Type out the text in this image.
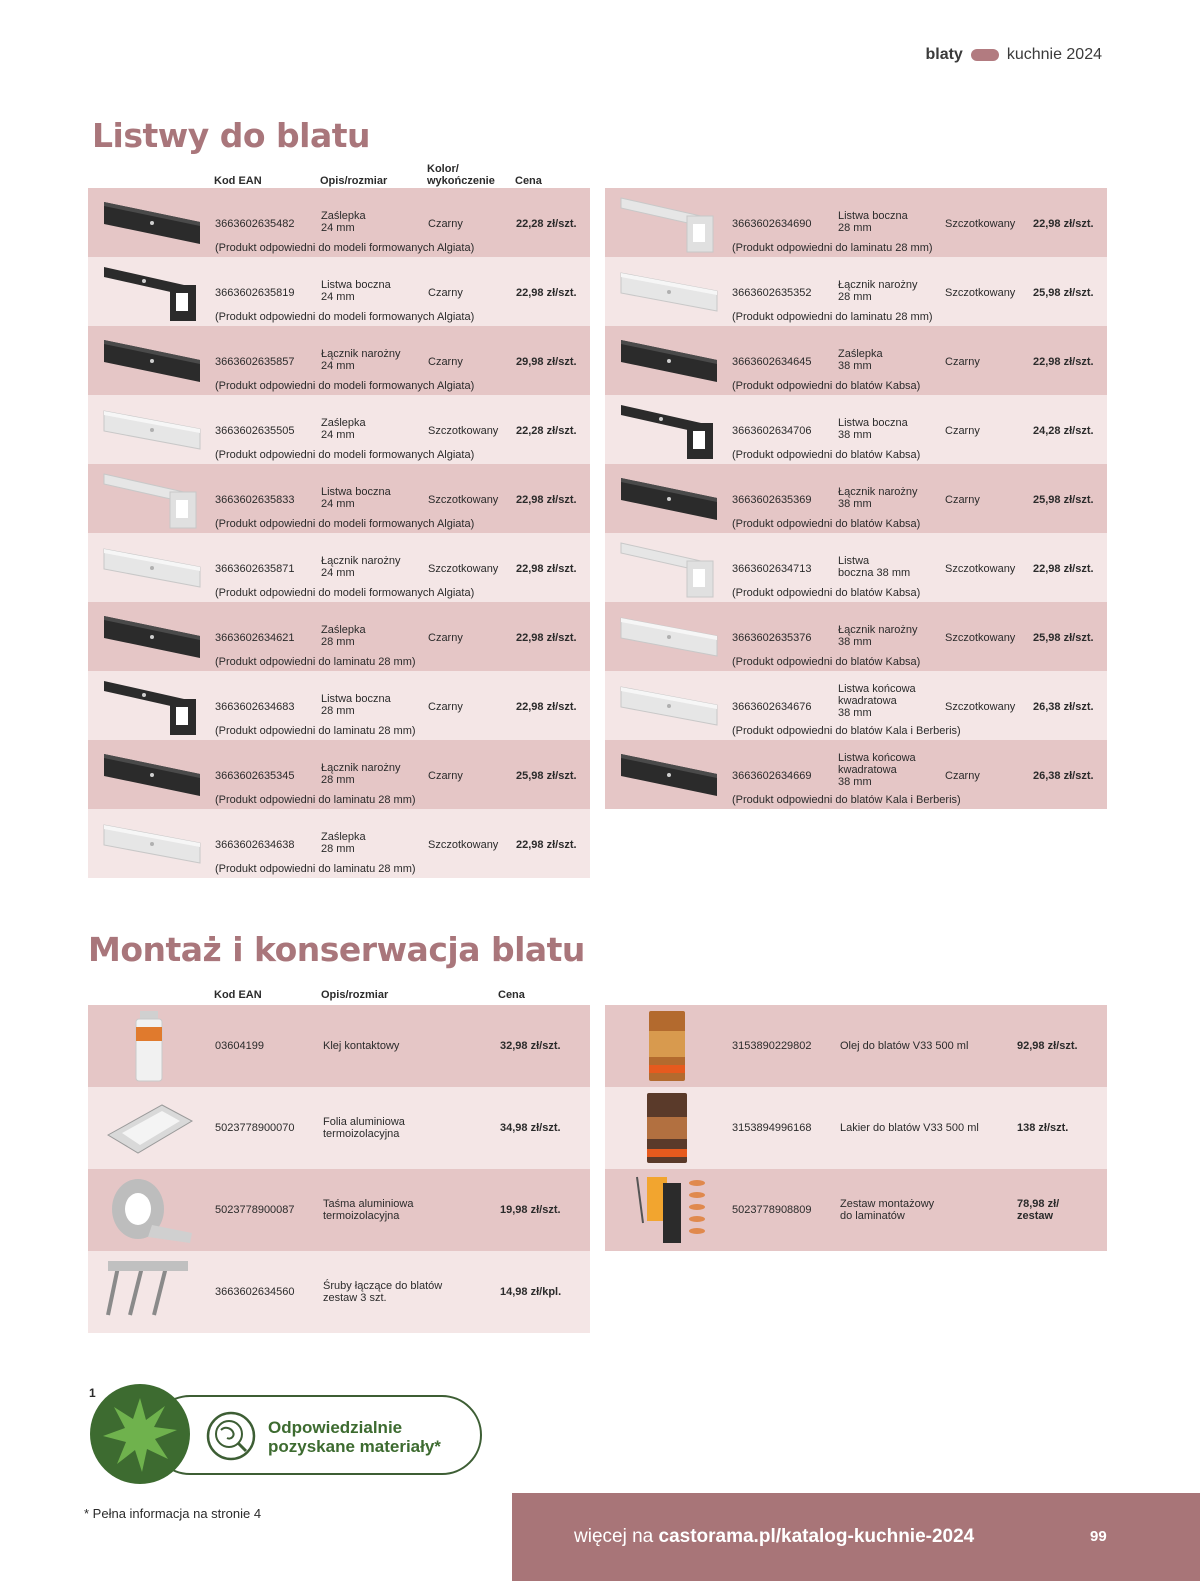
blaty	kuchnie 2024
Listwy do blatu
Kod EAN	Opis/rozmiar
Kolor/
wykończenie Cena
3663602635482
Zaślepka
24 mm	Czarny	22,28 zł/szt.
(Produkt odpowiedni do modeli formowanych Algiata)
3663602635819
Listwa boczna
24 mm	Czarny	22,98 zł/szt.
(Produkt odpowiedni do modeli formowanych Algiata)
3663602635857
Łącznik narożny
24 mm	Czarny	29,98 zł/szt.
(Produkt odpowiedni do modeli formowanych Algiata)
3663602635505
Zaślepka
24 mm	Szczotkowany 22,28 zł/szt.
(Produkt odpowiedni do modeli formowanych Algiata)
3663602635833
Listwa boczna
24 mm	Szczotkowany 22,98 zł/szt.
(Produkt odpowiedni do modeli formowanych Algiata)
3663602635871
Łącznik narożny
24 mm	Szczotkowany 22,98 zł/szt.
(Produkt odpowiedni do modeli formowanych Algiata)
3663602634621
Zaślepka
28 mm	Czarny	22,98 zł/szt.
(Produkt odpowiedni do laminatu 28 mm)
3663602634683
Listwa boczna
28 mm	Czarny	22,98 zł/szt.
(Produkt odpowiedni do laminatu 28 mm)
3663602635345
Łącznik narożny
28 mm	Czarny	25,98 zł/szt.
(Produkt odpowiedni do laminatu 28 mm)
3663602634638
Zaślepka
28 mm	Szczotkowany 22,98 zł/szt.
(Produkt odpowiedni do laminatu 28 mm)
3663602634690
Listwa boczna
28 mm	Szczotkowany 22,98 zł/szt.
(Produkt odpowiedni do laminatu 28 mm)
3663602635352
Łącznik narożny
28 mm	Szczotkowany 25,98 zł/szt.
(Produkt odpowiedni do laminatu 28 mm)
3663602634645
Zaślepka
38 mm	Czarny	22,98 zł/szt.
(Produkt odpowiedni do blatów Kabsa)
3663602634706
Listwa boczna
38 mm	Czarny	24,28 zł/szt.
(Produkt odpowiedni do blatów Kabsa)
3663602635369
Łącznik narożny
38 mm	Czarny	25,98 zł/szt.
(Produkt odpowiedni do blatów Kabsa)
3663602634713
Listwa
boczna 38 mm	Szczotkowany 22,98 zł/szt.
(Produkt odpowiedni do blatów Kabsa)
3663602635376
Łącznik narożny
38 mm	Szczotkowany 25,98 zł/szt.
(Produkt odpowiedni do blatów Kabsa)
3663602634676
Listwa końcowa
kwadratowa
38 mm	Szczotkowany 26,38 zł/szt.
(Produkt odpowiedni do blatów Kala i Berberis)
3663602634669
Listwa końcowa
kwadratowa
38 mm	Czarny	26,38 zł/szt.
(Produkt odpowiedni do blatów Kala i Berberis)
Montaż i konserwacja blatu
Kod EAN	Opis/rozmiar	Cena
03604199	Klej kontaktowy	32,98 zł/szt.
5023778900070	Folia aluminiowa
termoizolacyjna	34,98 zł/szt.
5023778900087	Taśma aluminiowa
termoizolacyjna	19,98 zł/szt.
3663602634560	Śruby łączące do blatów
zestaw 3 szt.	14,98 zł/kpl.
3153890229802	Olej do blatów V33 500 ml	92,98 zł/szt.
3153894996168	Lakier do blatów V33 500 ml	138 zł/szt.
5023778908809	Zestaw montażowy
do laminatów
78,98 zł/
zestaw
1
Odpowiedzialnie
pozyskane materiały*
* Pełna informacja na stronie 4
więcej na castorama.pl/katalog-kuchnie-2024	99
